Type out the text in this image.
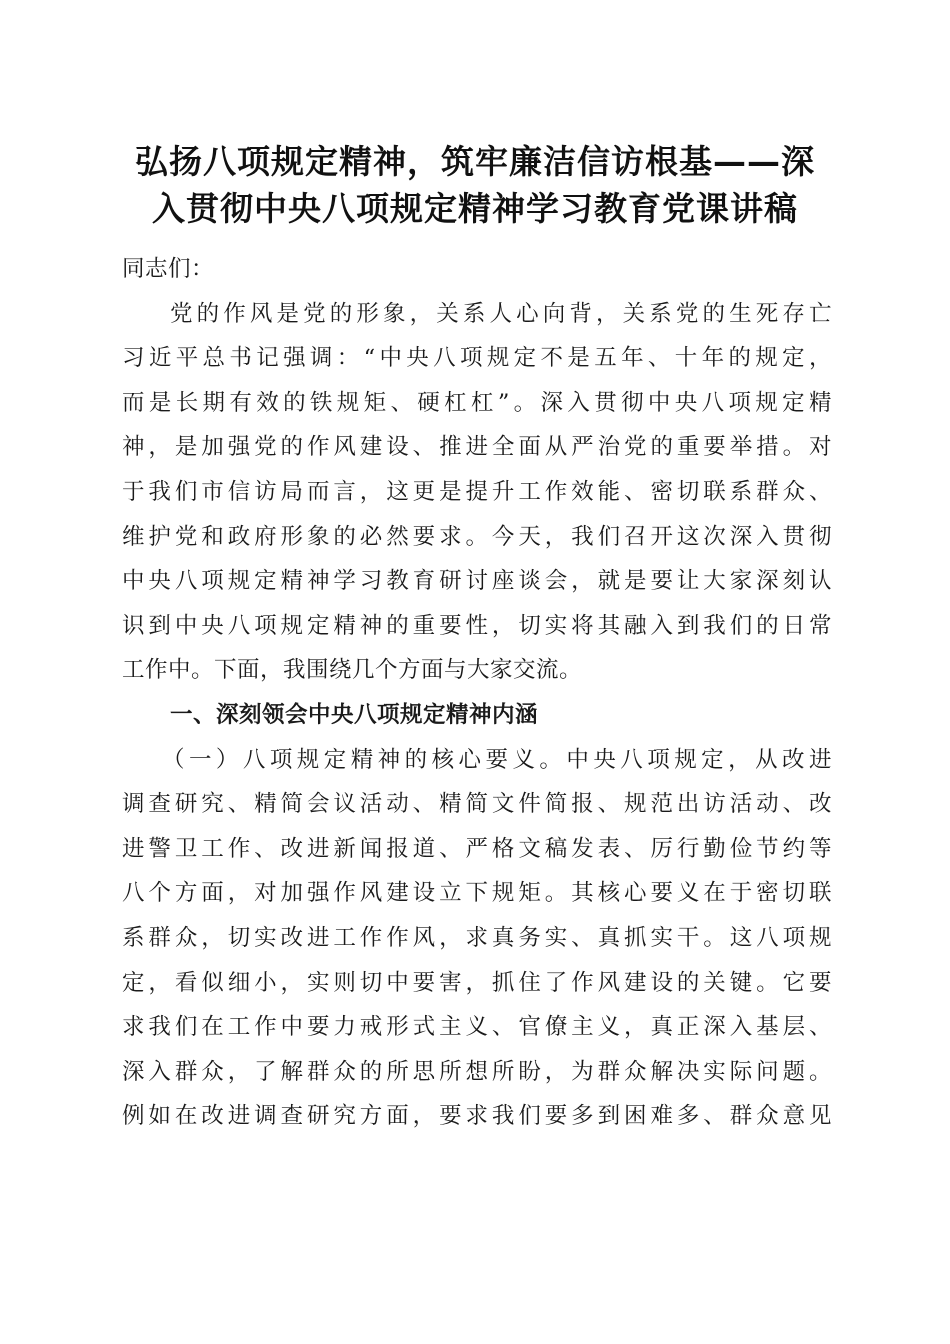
弘扬八项规定精神，筑牢廉洁信访根基——深
入贯彻中央八项规定精神学习教育党课讲稿
同志们：
党的作风是党的形象，关系人心向背，关系党的生死存亡
习近平总书记强调：“中央八项规定不是五年、十年的规定，
而是长期有效的铁规矩、硬杠杠”。深入贯彻中央八项规定精
神，是加强党的作风建设、推进全面从严治党的重要举措。对
于我们市信访局而言，这更是提升工作效能、密切联系群众、
维护党和政府形象的必然要求。今天，我们召开这次深入贯彻
中央八项规定精神学习教育研讨座谈会，就是要让大家深刻认
识到中央八项规定精神的重要性，切实将其融入到我们的日常
工作中。下面，我围绕几个方面与大家交流。
一、深刻领会中央八项规定精神内涵
（一）八项规定精神的核心要义。中央八项规定，从改进
调查研究、精简会议活动、精简文件简报、规范出访活动、改
进警卫工作、改进新闻报道、严格文稿发表、厉行勤俭节约等
八个方面，对加强作风建设立下规矩。其核心要义在于密切联
系群众，切实改进工作作风，求真务实、真抓实干。这八项规
定，看似细小，实则切中要害，抓住了作风建设的关键。它要
求我们在工作中要力戒形式主义、官僚主义，真正深入基层、
深入群众，了解群众的所思所想所盼，为群众解决实际问题。
例如在改进调查研究方面，要求我们要多到困难多、群众意见
